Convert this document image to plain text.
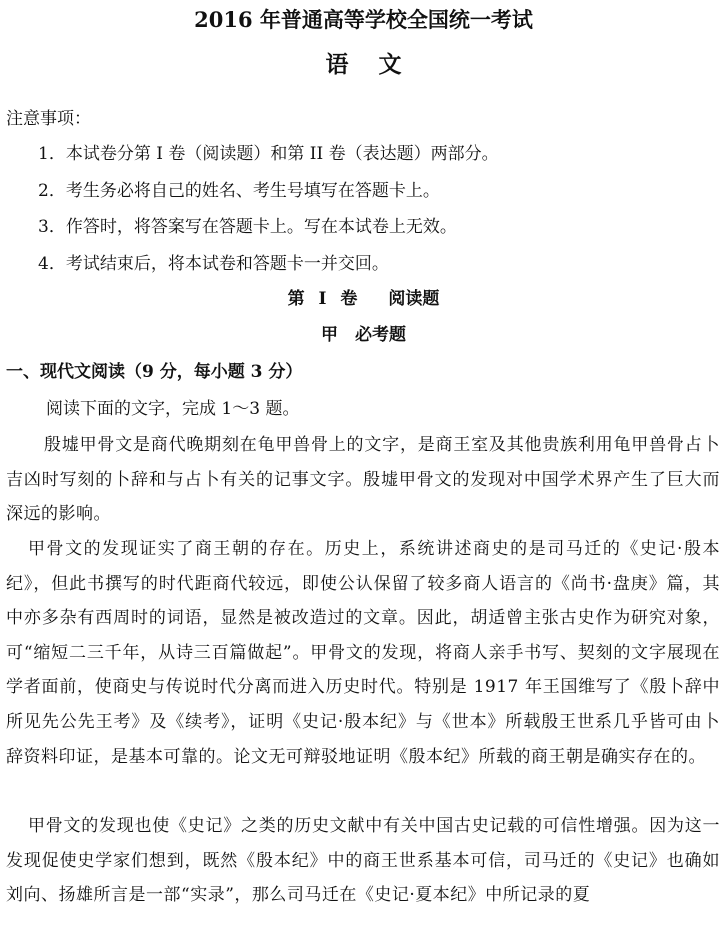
2016 年普通高等学校全国统一考试
语文
注意事项：
1．本试卷分第 I 卷（阅读题）和第 II 卷（表达题）两部分。
2．考生务必将自己的姓名、考生号填写在答题卡上。
3．作答时，将答案写在答题卡上。写在本试卷上无效。
4．考试结束后，将本试卷和答题卡一并交回。
第 I 卷　 阅读题
甲　必考题
一、现代文阅读（9 分，每小题 3 分）
阅读下面的文字，完成 1～3 题。
殷墟甲骨文是商代晚期刻在龟甲兽骨上的文字，是商王室及其他贵族利用龟甲兽骨占卜吉凶时写刻的卜辞和与占卜有关的记事文字。殷墟甲骨文的发现对中国学术界产生了巨大而深远的影响。
甲骨文的发现证实了商王朝的存在。历史上，系统讲述商史的是司马迁的《史记·殷本纪》，但此书撰写的时代距商代较远，即使公认保留了较多商人语言的《尚书·盘庚》篇，其中亦多杂有西周时的词语，显然是被改造过的文章。因此，胡适曾主张古史作为研究对象，可“缩短二三千年，从诗三百篇做起”。甲骨文的发现，将商人亲手书写、契刻的文字展现在学者面前，使商史与传说时代分离而进入历史时代。特别是 1917 年王国维写了《殷卜辞中所见先公先王考》及《续考》，证明《史记·殷本纪》与《世本》所载殷王世系几乎皆可由卜辞资料印证，是基本可靠的。论文无可辩驳地证明《殷本纪》所载的商王朝是确实存在的。
甲骨文的发现也使《史记》之类的历史文献中有关中国古史记载的可信性增强。因为这一发现促使史学家们想到，既然《殷本纪》中的商王世系基本可信，司马迁的《史记》也确如刘向、扬雄所言是一部“实录”，那么司马迁在《史记·夏本纪》中所记录的夏
